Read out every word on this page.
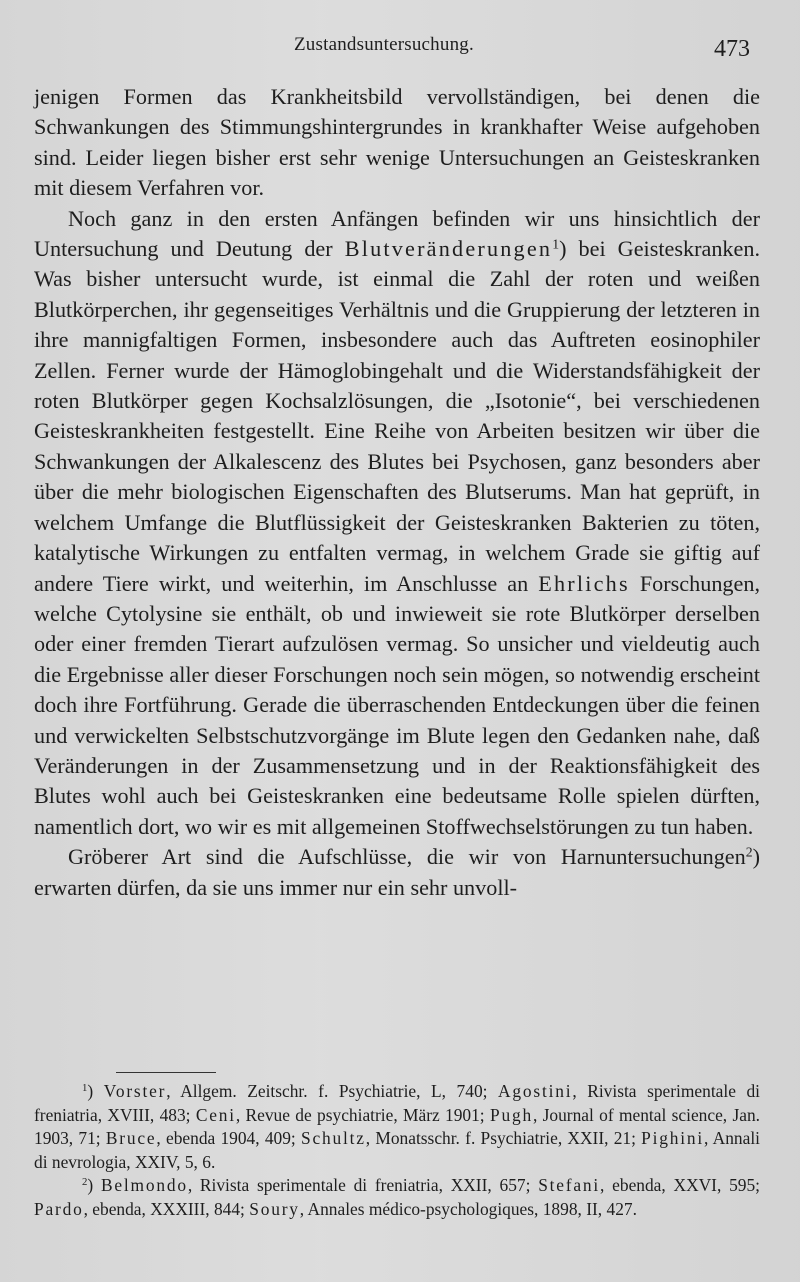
Zustandsuntersuchung.	473

jenigen Formen das Krankheitsbild vervollständigen, bei denen die Schwankungen des Stimmungshintergrundes in krankhafter Weise aufgehoben sind. Leider liegen bisher erst sehr wenige Untersuchungen an Geisteskranken mit diesem Verfahren vor.

Noch ganz in den ersten Anfängen befinden wir uns hinsichtlich der Untersuchung und Deutung der Blutveränderungen$^1$) bei Geisteskranken. Was bisher untersucht wurde, ist einmal die Zahl der roten und weißen Blutkörperchen, ihr gegenseitiges Verhältnis und die Gruppierung der letzteren in ihre mannigfaltigen Formen, insbesondere auch das Auftreten eosinophiler Zellen. Ferner wurde der Hämoglobingehalt und die Widerstandsfähigkeit der roten Blutkörper gegen Kochsalzlösungen, die „Isotonie“, bei verschiedenen Geisteskrankheiten festgestellt. Eine Reihe von Arbeiten besitzen wir über die Schwankungen der Alkalescenz des Blutes bei Psychosen, ganz besonders aber über die mehr biologischen Eigenschaften des Blutserums. Man hat geprüft, in welchem Umfange die Blutflüssigkeit der Geisteskranken Bakterien zu töten, katalytische Wirkungen zu entfalten vermag, in welchem Grade sie giftig auf andere Tiere wirkt, und weiterhin, im Anschlusse an Ehrlichs Forschungen, welche Cytolysine sie enthält, ob und inwieweit sie rote Blutkörper derselben oder einer fremden Tierart aufzulösen vermag. So unsicher und vieldeutig auch die Ergebnisse aller dieser Forschungen noch sein mögen, so notwendig erscheint doch ihre Fortführung. Gerade die überraschenden Entdeckungen über die feinen und verwickelten Selbstschutzvorgänge im Blute legen den Gedanken nahe, daß Veränderungen in der Zusammensetzung und in der Reaktionsfähigkeit des Blutes wohl auch bei Geisteskranken eine bedeutsame Rolle spielen dürften, namentlich dort, wo wir es mit allgemeinen Stoffwechselstörungen zu tun haben.

Gröberer Art sind die Aufschlüsse, die wir von Harnuntersuchungen$^2$) erwarten dürfen, da sie uns immer nur ein sehr unvoll-

$^1$) Vorster, Allgem. Zeitschr. f. Psychiatrie, L, 740; Agostini, Rivista sperimentale di freniatria, XVIII, 483; Ceni, Revue de psychiatrie, März 1901; Pugh, Journal of mental science, Jan. 1903, 71; Bruce, ebenda 1904, 409; Schultz, Monatsschr. f. Psychiatrie, XXII, 21; Pighini, Annali di nevrologia, XXIV, 5, 6.

$^2$) Belmondo, Rivista sperimentale di freniatria, XXII, 657; Stefani, ebenda, XXVI, 595; Pardo, ebenda, XXXIII, 844; Soury, Annales médico-psychologiques, 1898, II, 427.
